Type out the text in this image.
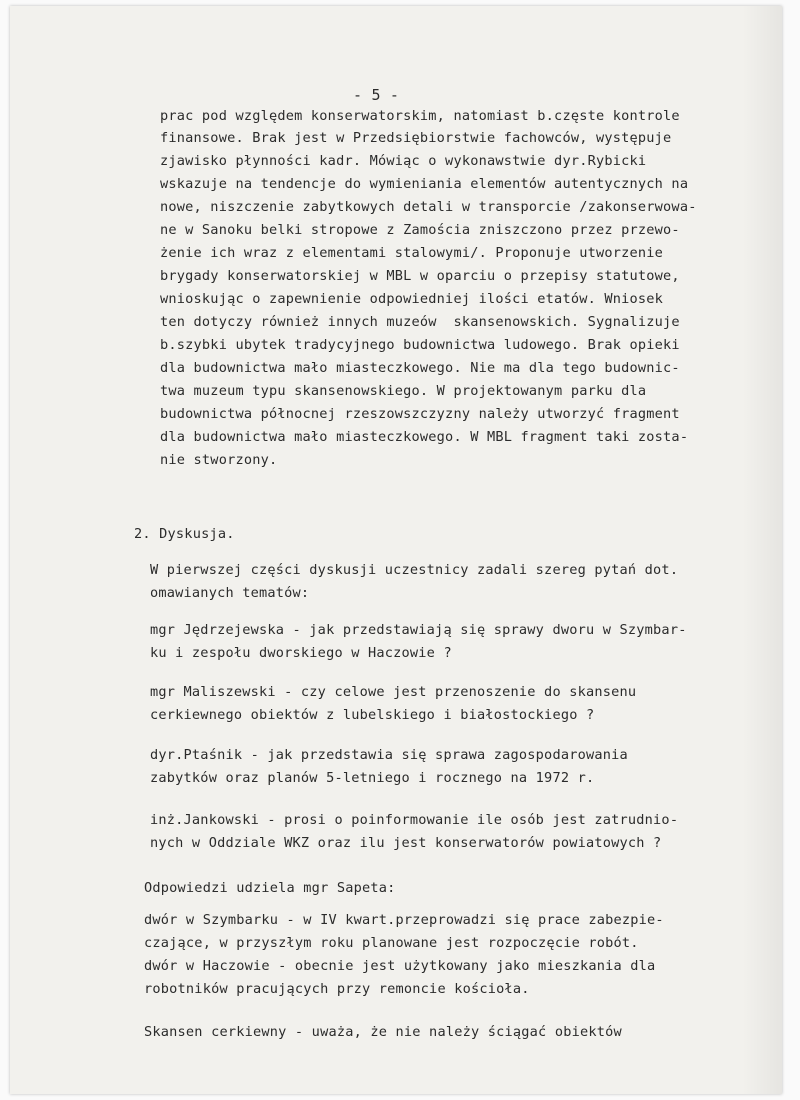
- 5 -

prac pod względem konserwatorskim, natomiast b.częste kontrole

finansowe. Brak jest w Przedsiębiorstwie fachowców, występuje

zjawisko płynności kadr. Mówiąc o wykonawstwie dyr.Rybicki

wskazuje na tendencje do wymieniania elementów autentycznych na

nowe, niszczenie zabytkowych detali w transporcie /zakonserwowa-

ne w Sanoku belki stropowe z Zamościa zniszczono przez przewo-

żenie ich wraz z elementami stalowymi/. Proponuje utworzenie

brygady konserwatorskiej w MBL w oparciu o przepisy statutowe,

wnioskując o zapewnienie odpowiedniej ilości etatów. Wniosek

ten dotyczy również innych muzeów  skansenowskich. Sygnalizuje

b.szybki ubytek tradycyjnego budownictwa ludowego. Brak opieki

dla budownictwa mało miasteczkowego. Nie ma dla tego budownic-

twa muzeum typu skansenowskiego. W projektowanym parku dla

budownictwa północnej rzeszowszczyzny należy utworzyć fragment

dla budownictwa mało miasteczkowego. W MBL fragment taki zosta-

nie stworzony.

2. Dyskusja.

W pierwszej części dyskusji uczestnicy zadali szereg pytań dot.

omawianych tematów:

mgr Jędrzejewska - jak przedstawiają się sprawy dworu w Szymbar-

ku i zespołu dworskiego w Haczowie ?

mgr Maliszewski - czy celowe jest przenoszenie do skansenu

cerkiewnego obiektów z lubelskiego i białostockiego ?

dyr.Ptaśnik - jak przedstawia się sprawa zagospodarowania

zabytków oraz planów 5-letniego i rocznego na 1972 r.

inż.Jankowski - prosi o poinformowanie ile osób jest zatrudnio-

nych w Oddziale WKZ oraz ilu jest konserwatorów powiatowych ?

Odpowiedzi udziela mgr Sapeta:

dwór w Szymbarku - w IV kwart.przeprowadzi się prace zabezpie-

czające, w przyszłym roku planowane jest rozpoczęcie robót.

dwór w Haczowie - obecnie jest użytkowany jako mieszkania dla

robotników pracujących przy remoncie kościoła.

Skansen cerkiewny - uważa, że nie należy ściągać obiektów
